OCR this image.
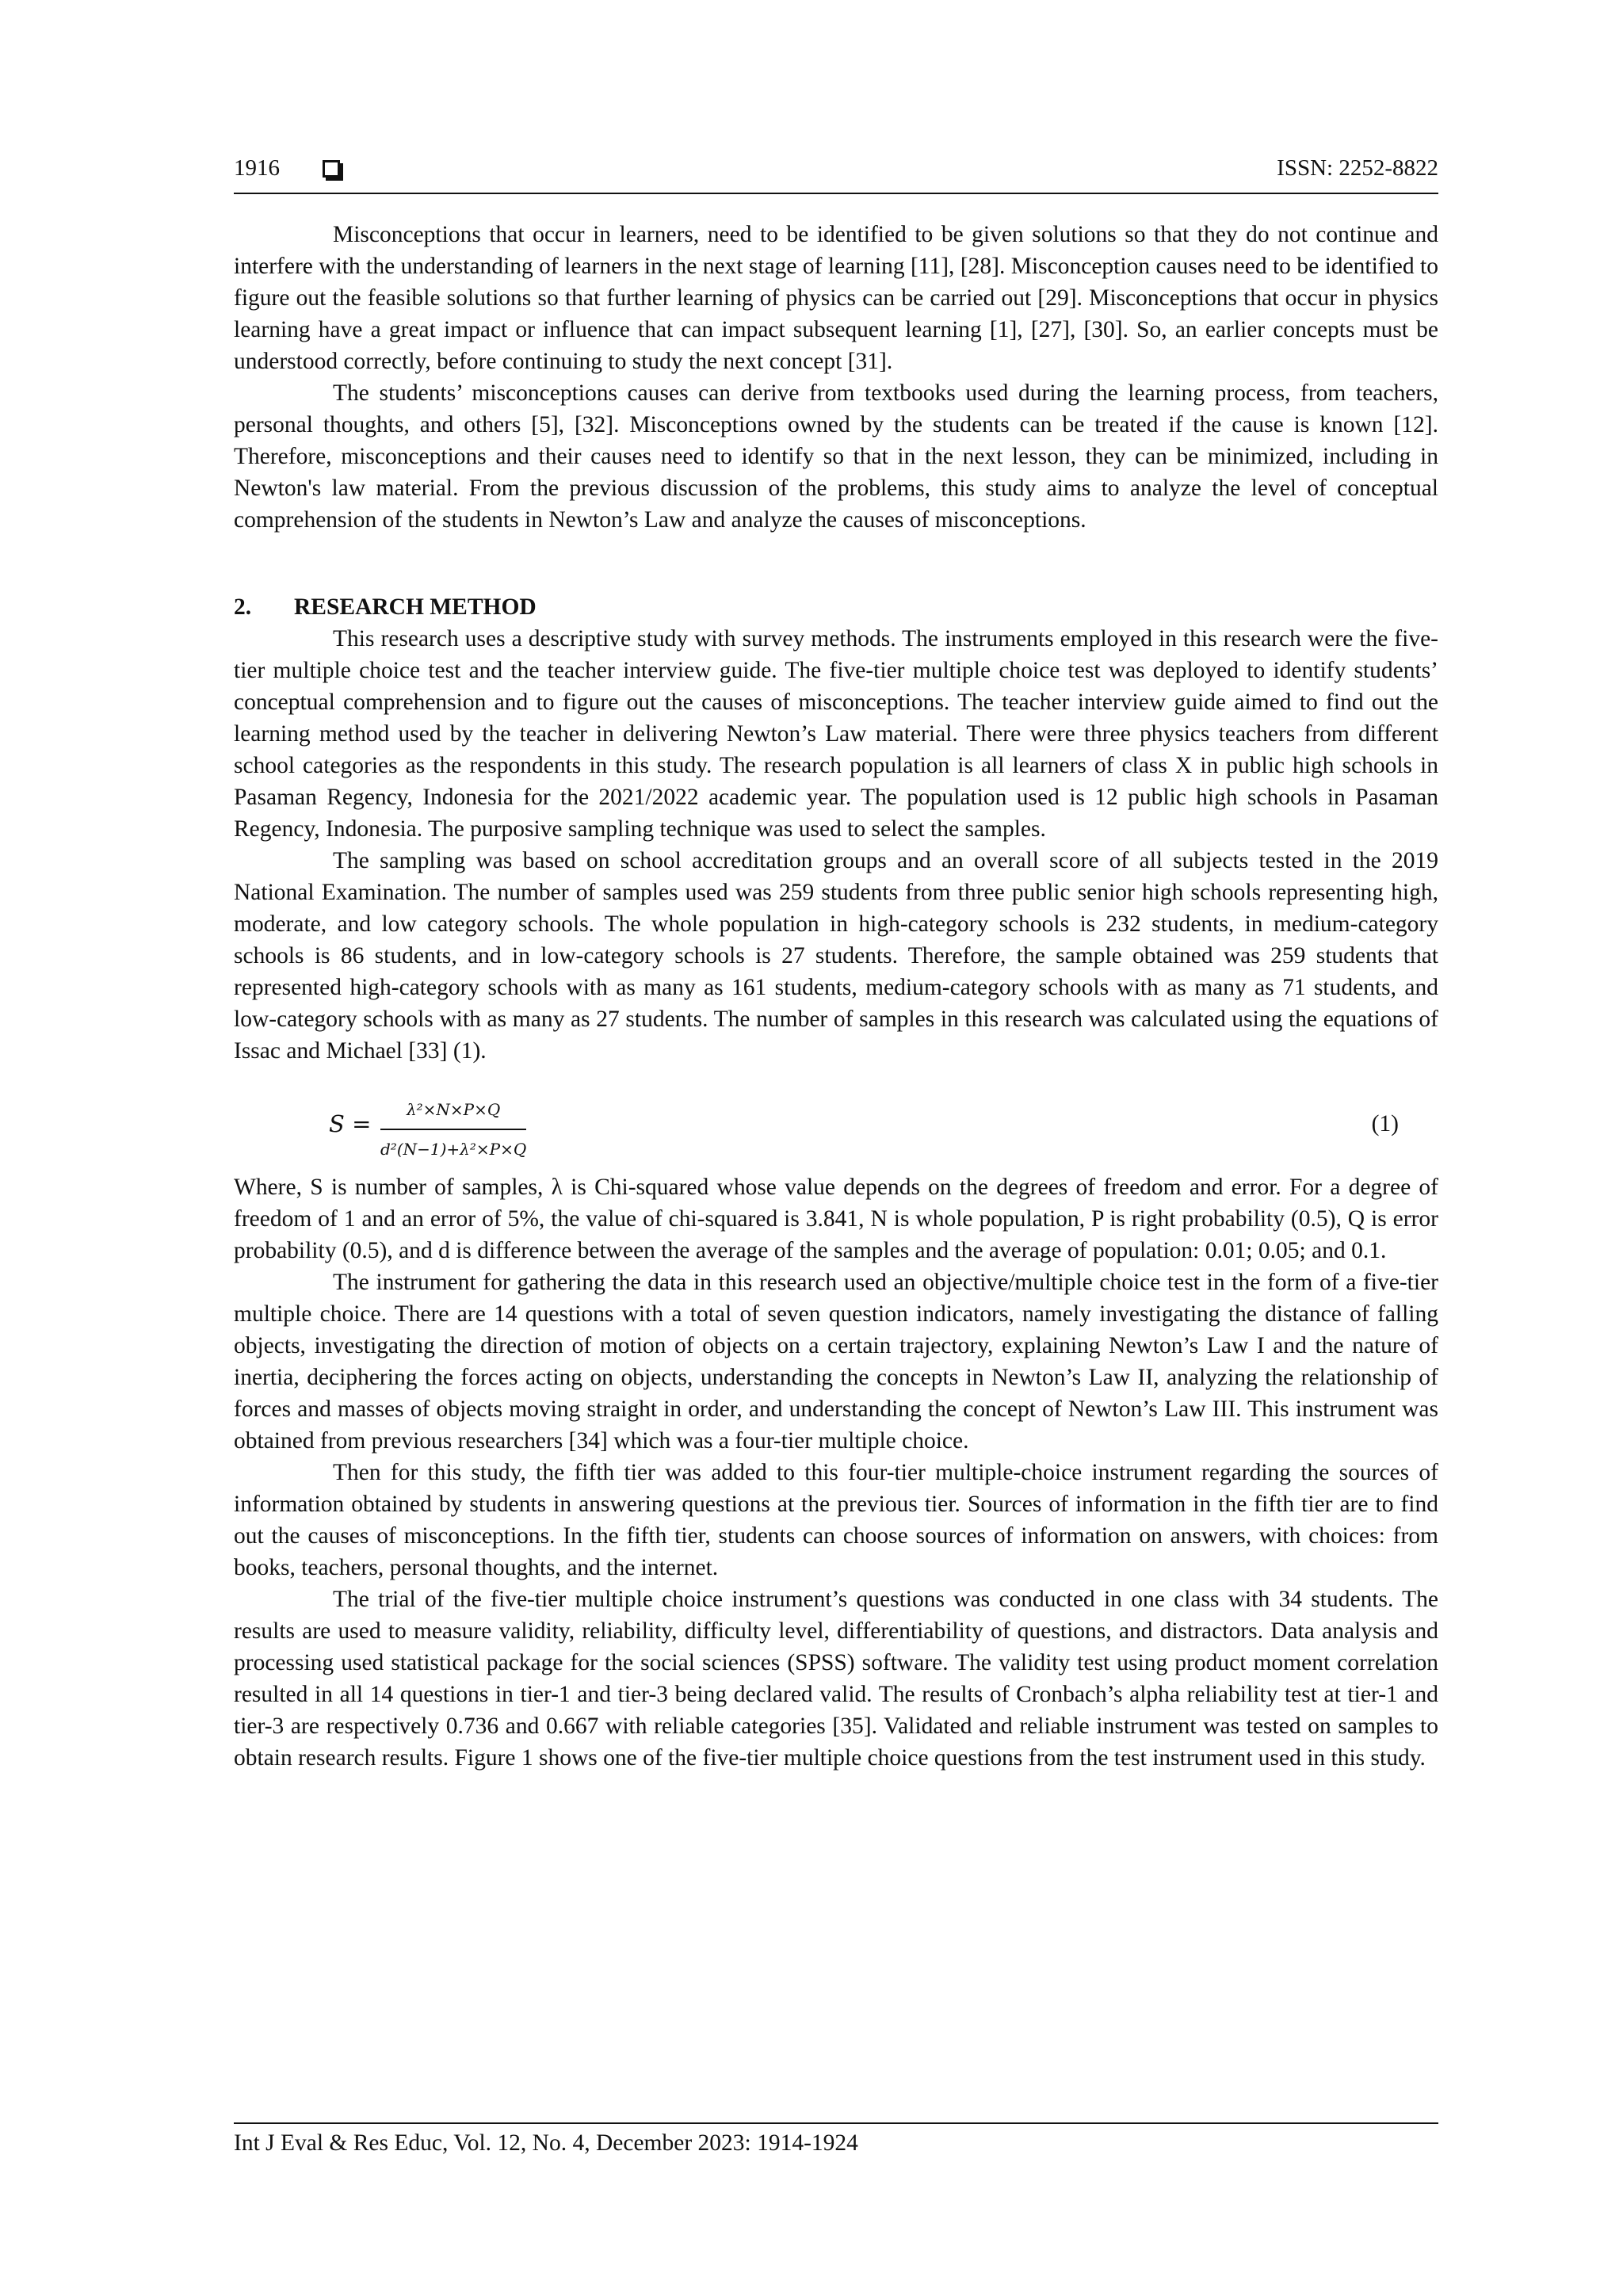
1916	ISSN: 2252-8822

Misconceptions that occur in learners, need to be identified to be given solutions so that they do not continue and interfere with the understanding of learners in the next stage of learning [11], [28]. Misconception causes need to be identified to figure out the feasible solutions so that further learning of physics can be carried out [29]. Misconceptions that occur in physics learning have a great impact or influence that can impact subsequent learning [1], [27], [30]. So, an earlier concepts must be understood correctly, before continuing to study the next concept [31].

The students’ misconceptions causes can derive from textbooks used during the learning process, from teachers, personal thoughts, and others [5], [32]. Misconceptions owned by the students can be treated if the cause is known [12]. Therefore, misconceptions and their causes need to identify so that in the next lesson, they can be minimized, including in Newton's law material. From the previous discussion of the problems, this study aims to analyze the level of conceptual comprehension of the students in Newton’s Law and analyze the causes of misconceptions.

2. RESEARCH METHOD

This research uses a descriptive study with survey methods. The instruments employed in this research were the five-tier multiple choice test and the teacher interview guide. The five-tier multiple choice test was deployed to identify students’ conceptual comprehension and to figure out the causes of misconceptions. The teacher interview guide aimed to find out the learning method used by the teacher in delivering Newton’s Law material. There were three physics teachers from different school categories as the respondents in this study. The research population is all learners of class X in public high schools in Pasaman Regency, Indonesia for the 2021/2022 academic year. The population used is 12 public high schools in Pasaman Regency, Indonesia. The purposive sampling technique was used to select the samples.

The sampling was based on school accreditation groups and an overall score of all subjects tested in the 2019 National Examination. The number of samples used was 259 students from three public senior high schools representing high, moderate, and low category schools. The whole population in high-category schools is 232 students, in medium-category schools is 86 students, and in low-category schools is 27 students. Therefore, the sample obtained was 259 students that represented high-category schools with as many as 161 students, medium-category schools with as many as 71 students, and low-category schools with as many as 27 students. The number of samples in this research was calculated using the equations of Issac and Michael [33] (1).

$S = \frac{\text{λ²×N×P×Q}}{\text{d²(N−1)+λ²×P×Q}}$	(1)

Where, S is number of samples, λ is Chi-squared whose value depends on the degrees of freedom and error. For a degree of freedom of 1 and an error of 5%, the value of chi-squared is 3.841, N is whole population, P is right probability (0.5), Q is error probability (0.5), and d is difference between the average of the samples and the average of population: 0.01; 0.05; and 0.1.

The instrument for gathering the data in this research used an objective/multiple choice test in the form of a five-tier multiple choice. There are 14 questions with a total of seven question indicators, namely investigating the distance of falling objects, investigating the direction of motion of objects on a certain trajectory, explaining Newton’s Law I and the nature of inertia, deciphering the forces acting on objects, understanding the concepts in Newton’s Law II, analyzing the relationship of forces and masses of objects moving straight in order, and understanding the concept of Newton’s Law III. This instrument was obtained from previous researchers [34] which was a four-tier multiple choice.

Then for this study, the fifth tier was added to this four-tier multiple-choice instrument regarding the sources of information obtained by students in answering questions at the previous tier. Sources of information in the fifth tier are to find out the causes of misconceptions. In the fifth tier, students can choose sources of information on answers, with choices: from books, teachers, personal thoughts, and the internet.

The trial of the five-tier multiple choice instrument’s questions was conducted in one class with 34 students. The results are used to measure validity, reliability, difficulty level, differentiability of questions, and distractors. Data analysis and processing used statistical package for the social sciences (SPSS) software. The validity test using product moment correlation resulted in all 14 questions in tier-1 and tier-3 being declared valid. The results of Cronbach’s alpha reliability test at tier-1 and tier-3 are respectively 0.736 and 0.667 with reliable categories [35]. Validated and reliable instrument was tested on samples to obtain research results. Figure 1 shows one of the five-tier multiple choice questions from the test instrument used in this study.

Int J Eval & Res Educ, Vol. 12, No. 4, December 2023: 1914-1924
